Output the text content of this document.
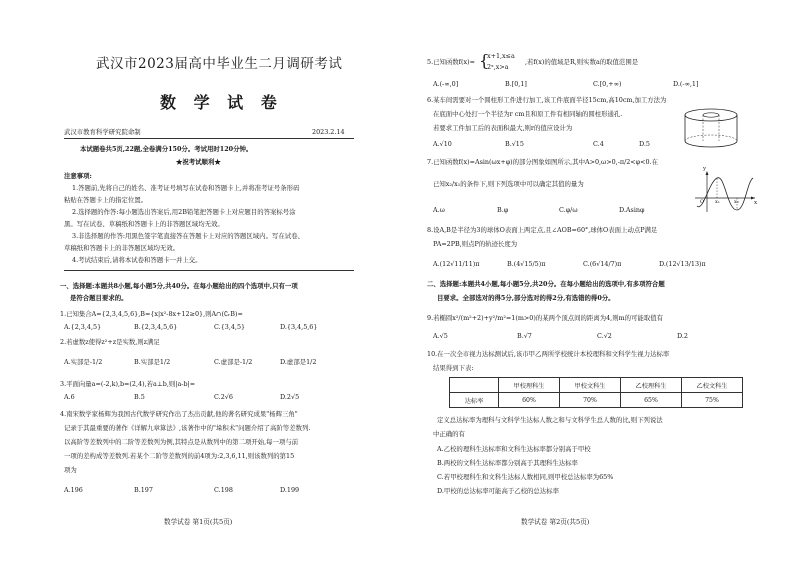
武汉市2023届高中毕业生二月调研考试
数 学 试 卷
武汉市教育科学研究院命制	2023.2.14
本试题卷共5页,22题,全卷满分150分。考试用时120分钟。
★祝考试顺利★
注意事项:
1.答题前,先将自己的姓名、准考证号填写在试卷和答题卡上,并将准考证号条形码
粘贴在答题卡上的指定位置。
2.选择题的作答:每小题选出答案后,用2B铅笔把答题卡上对应题目的答案标号涂
黑。写在试卷、草稿纸和答题卡上的非答题区域均无效。
3.非选择题的作答:用黑色签字笔直接答在答题卡上对应的答题区域内。写在试卷、
草稿纸和答题卡上的非答题区域均无效。
4.考试结束后,请将本试卷和答题卡一并上交。
一、选择题:本题共8小题,每小题5分,共40分。在每小题给出的四个选项中,只有一项
是符合题目要求的。
1.已知集合A={2,3,4,5,6},B={x|x²-8x+12≥0},则A∩(∁ᵣB)=
A.{2,3,4,5}	B.{2,3,4,5,6}	C.{3,4,5}	D.{3,4,5,6}
2.若虚数z使得z²+z是实数,则z满足
A.实部是-1/2	B.实部是1/2	C.虚部是-1/2	D.虚部是1/2
3.平面向量a=(-2,k),b=(2,4),若a⊥b,则|a-b|=
A.6	B.5	C.2√6	D.2√5
4.南宋数学家杨辉为我国古代数学研究作出了杰出贡献,他的著名研究成果"杨辉三角"
记录于其最重要的著作《详解九章算法》,该著作中的"垛积术"问题介绍了高阶等差数列.
以高阶等差数列中的二阶等差数列为例,其特点是从数列中的第二项开始,每一项与前
一项的差构成等差数列.若某个二阶等差数列的前4项为:2,3,6,11,则该数列的第15
项为
A.196	B.197	C.198	D.199
数学试卷 第1页(共5页)
5.已知函数f(x)= {
x+1,x≤a
2ˣ,x>a
,若f(x)的值域是R,则实数a的取值范围是
A.(-∞,0]	B.[0,1]	C.[0,+∞)	D.(-∞,1]
6.某车间需要对一个圆柱形工件进行加工,该工件底面半径15cm,高10cm,加工方法为
在底面中心处打一个半径为r cm且和原工件有相同轴的圆柱形通孔.
若要求工件加工后的表面积最大,则r的值应设计为
A.√10	B.√15	C.4	D.5
7.已知函数f(x)=Asin(ωx+φ)的部分图象如图所示,其中A>0,ω>0,-π/2<φ<0.在
已知x₂/x₁的条件下,则下列选项中可以确定其值的量为
y
x
O x₁	x₂
A.ω	B.φ	C.φ/ω	D.Asinφ
8.设A,B是半径为3的球体O表面上两定点,且∠AOB=60°,球体O表面上动点P满足
PA=2PB,则点P的轨迹长度为
A.(12√11/11)π	B.(4√15/5)π	C.(6√14/7)π	D.(12√13/13)π
二、选择题:本题共4小题,每小题5分,共20分。在每小题给出的选项中,有多项符合题
目要求。全部选对的得5分,部分选对的得2分,有选错的得0分。
9.若椭圆x²/(m²+2)+y²/m²=1(m>0)的某两个顶点间的距离为4,则m的可能取值有
A.√5	B.√7	C.√2	D.2
10.在一次全市视力达标测试后,该市甲乙两所学校统计本校理科和文科学生视力达标率
结果得到下表:
	甲校理科生	甲校文科生	乙校理科生	乙校文科生
达标率	60%	70%	65%	75%
定义总达标率为理科与文科学生达标人数之和与文科学生总人数的比,则下列说法
中正确的有
A.乙校的理科生达标率和文科生达标率都分别高于甲校
B.两校的文科生达标率都分别高于其理科生达标率
C.若甲校理科生和文科生达标人数相同,则甲校总达标率为65%
D.甲校的总达标率可能高于乙校的总达标率
数学试卷 第2页(共5页)
